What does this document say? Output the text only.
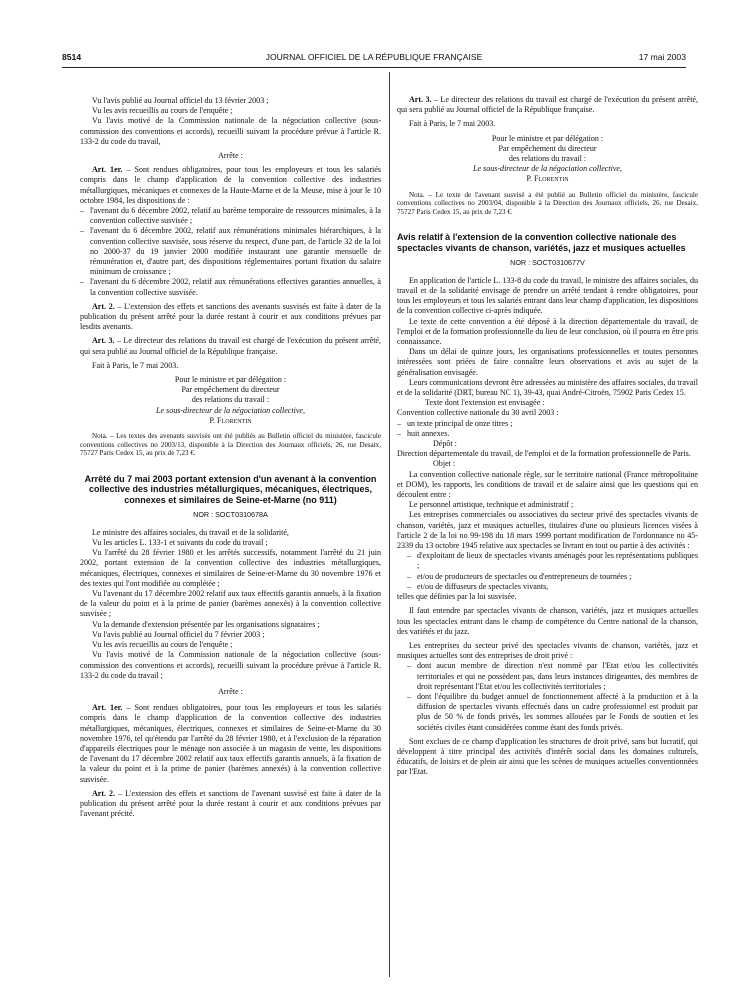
8514	JOURNAL OFFICIEL DE LA RÉPUBLIQUE FRANÇAISE	17 mai 2003
Vu l'avis publié au Journal officiel du 13 février 2003 ;
Vu les avis recueillis au cours de l'enquête ;
Vu l'avis motivé de la Commission nationale de la négociation collective (sous-commission des conventions et accords), recueilli suivant la procédure prévue à l'article R. 133-2 du code du travail,
Arrête :
Art. 1er. – Sont rendues obligatoires, pour tous les employeurs et tous les salariés compris dans le champ d'application de la convention collective des industries métallurgiques, mécaniques et connexes de la Haute-Marne et de la Meuse, mise à jour le 10 octobre 1984, les dispositions de :
– l'avenant du 6 décembre 2002, relatif au barème temporaire de ressources minimales, à la convention collective susvisée ;
– l'avenant du 6 décembre 2002, relatif aux rémunérations minimales hiérarchiques, à la convention collective susvisée, sous réserve du respect, d'une part, de l'article 32 de la loi no 2000-37 du 19 janvier 2000 modifiée instaurant une garantie mensuelle de rémunération et, d'autre part, des dispositions réglementaires portant fixation du salaire minimum de croissance ;
– l'avenant du 6 décembre 2002, relatif aux rémunérations effectives garanties annuelles, à la convention collective susvisée.
Art. 2. – L'extension des effets et sanctions des avenants susvisés est faite à dater de la publication du présent arrêté pour la durée restant à courir et aux conditions prévues par lesdits avenants.
Art. 3. – Le directeur des relations du travail est chargé de l'exécution du présent arrêté, qui sera publié au Journal officiel de la République française.
Fait à Paris, le 7 mai 2003.
Pour le ministre et par délégation :
Par empêchement du directeur
des relations du travail :
Le sous-directeur de la négociation collective,
P. Florentin
Nota. – Les textes des avenants susvisés ont été publiés au Bulletin officiel du ministère, fascicule conventions collectives no 2003/13, disponible à la Direction des Journaux officiels, 26, rue Desaix, 75727 Paris Cedex 15, au prix de 7,23 €.
Arrêté du 7 mai 2003 portant extension d'un avenant à la convention collective des industries métallurgiques, mécaniques, électriques, connexes et similaires de Seine-et-Marne (no 911)
NOR : SOCT0310678A
Le ministre des affaires sociales, du travail et de la solidarité,
Vu les articles L. 133-1 et suivants du code du travail ;
Vu l'arrêté du 28 février 1980 et les arrêtés successifs, notamment l'arrêté du 21 juin 2002, portant extension de la convention collective des industries métallurgiques, mécaniques, électriques, connexes et similaires de Seine-et-Marne du 30 novembre 1976 et des textes qui l'ont modifiée ou complétée ;
Vu l'avenant du 17 décembre 2002 relatif aux taux effectifs garantis annuels, à la fixation de la valeur du point et à la prime de panier (barèmes annexés) à la convention collective susvisée ;
Vu la demande d'extension présentée par les organisations signataires ;
Vu l'avis publié au Journal officiel du 7 février 2003 ;
Vu les avis recueillis au cours de l'enquête ;
Vu l'avis motivé de la Commission nationale de la négociation collective (sous-commission des conventions et accords), recueilli suivant la procédure prévue à l'article R. 133-2 du code du travail ;
Arrête :
Art. 1er. – Sont rendues obligatoires, pour tous les employeurs et tous les salariés compris dans le champ d'application de la convention collective des industries métallurgiques, mécaniques, électriques, connexes et similaires de Seine-et-Marne du 30 novembre 1976, tel qu'étendu par l'arrêté du 28 février 1980, et à l'exclusion de la réparation d'appareils électriques pour le ménage non associée à un magasin de vente, les dispositions de l'avenant du 17 décembre 2002 relatif aux taux effectifs garantis annuels, à la fixation de la valeur du point et à la prime de panier (barèmes annexés) à la convention collective susvisée.
Art. 2. – L'extension des effets et sanctions de l'avenant susvisé est faite à dater de la publication du présent arrêté pour la durée restant à courir et aux conditions prévues par l'avenant précité.
Art. 3. – Le directeur des relations du travail est chargé de l'exécution du présent arrêté, qui sera publié au Journal officiel de la République française.
Fait à Paris, le 7 mai 2003.
Pour le ministre et par délégation :
Par empêchement du directeur
des relations du travail :
Le sous-directeur de la négociation collective,
P. Florentin
Nota. – Le texte de l'avenant susvisé a été publié au Bulletin officiel du ministère, fascicule conventions collectives no 2003/04, disponible à la Direction des Journaux officiels, 26, rue Desaix, 75727 Paris Cedex 15, au prix de 7,23 €.
Avis relatif à l'extension de la convention collective nationale des spectacles vivants de chanson, variétés, jazz et musiques actuelles
NOR : SOCT0310677V
En application de l'article L. 133-8 du code du travail, le ministre des affaires sociales, du travail et de la solidarité envisage de prendre un arrêté tendant à rendre obligatoires, pour tous les employeurs et tous les salariés entrant dans leur champ d'application, les dispositions de la convention collective ci-après indiquée.
Le texte de cette convention a été déposé à la direction départementale du travail, de l'emploi et de la formation professionnelle du lieu de leur conclusion, où il pourra en être pris connaissance.
Dans un délai de quinze jours, les organisations professionnelles et toutes personnes intéressées sont priées de faire connaître leurs observations et avis au sujet de la généralisation envisagée.
Leurs communications devront être adressées au ministère des affaires sociales, du travail et de la solidarité (DRT, bureau NC 1), 39-43, quai André-Citroën, 75902 Paris Cedex 15.
Texte dont l'extension est envisagée :
Convention collective nationale du 30 avril 2003 :
– un texte principal de onze titres ;
– huit annexes.
Dépôt :
Direction départementale du travail, de l'emploi et de la formation professionnelle de Paris.
Objet :
La convention collective nationale règle, sur le territoire national (France métropolitaine et DOM), les rapports, les conditions de travail et de salaire ainsi que les questions qui en découlent entre :
Le personnel artistique, technique et administratif ;
Les entreprises commerciales ou associatives du secteur privé des spectacles vivants de chanson, variétés, jazz et musiques actuelles, titulaires d'une ou plusieurs licences visées à l'article 2 de la loi no 99-198 du 18 mars 1999 portant modification de l'ordonnance no 45-2339 du 13 octobre 1945 relative aux spectacles se livrant en tout ou partie à des activités :
– d'exploitant de lieux de spectacles vivants aménagés pour les représentations publiques ;
– et/ou de producteurs de spectacles ou d'entrepreneurs de tournées ;
– et/ou de diffuseurs de spectacles vivants,
telles que définies par la loi susvisée.
Il faut entendre par spectacles vivants de chanson, variétés, jazz et musiques actuelles tous les spectacles entrant dans le champ de compétence du Centre national de la chanson, des variétés et du jazz.
Les entreprises du secteur privé des spectacles vivants de chanson, variétés, jazz et musiques actuelles sont des entreprises de droit privé :
– dont aucun membre de direction n'est nommé par l'Etat et/ou les collectivités territoriales et qui ne possèdent pas, dans leurs instances dirigeantes, des membres de droit représentant l'Etat et/ou les collectivités territoriales ;
– dont l'équilibre du budget annuel de fonctionnement affecté à la production et à la diffusion de spectacles vivants effectués dans un cadre professionnel est produit par plus de 50 % de fonds privés, les sommes allouées par le Fonds de soutien et les sociétés civiles étant considérées comme étant des fonds privés.
Sont exclues de ce champ d'application les structures de droit privé, sans but lucratif, qui développent à titre principal des activités d'intérêt social dans les domaines culturels, éducatifs, de loisirs et de plein air ainsi que les scènes de musiques actuelles conventionnées par l'Etat.
